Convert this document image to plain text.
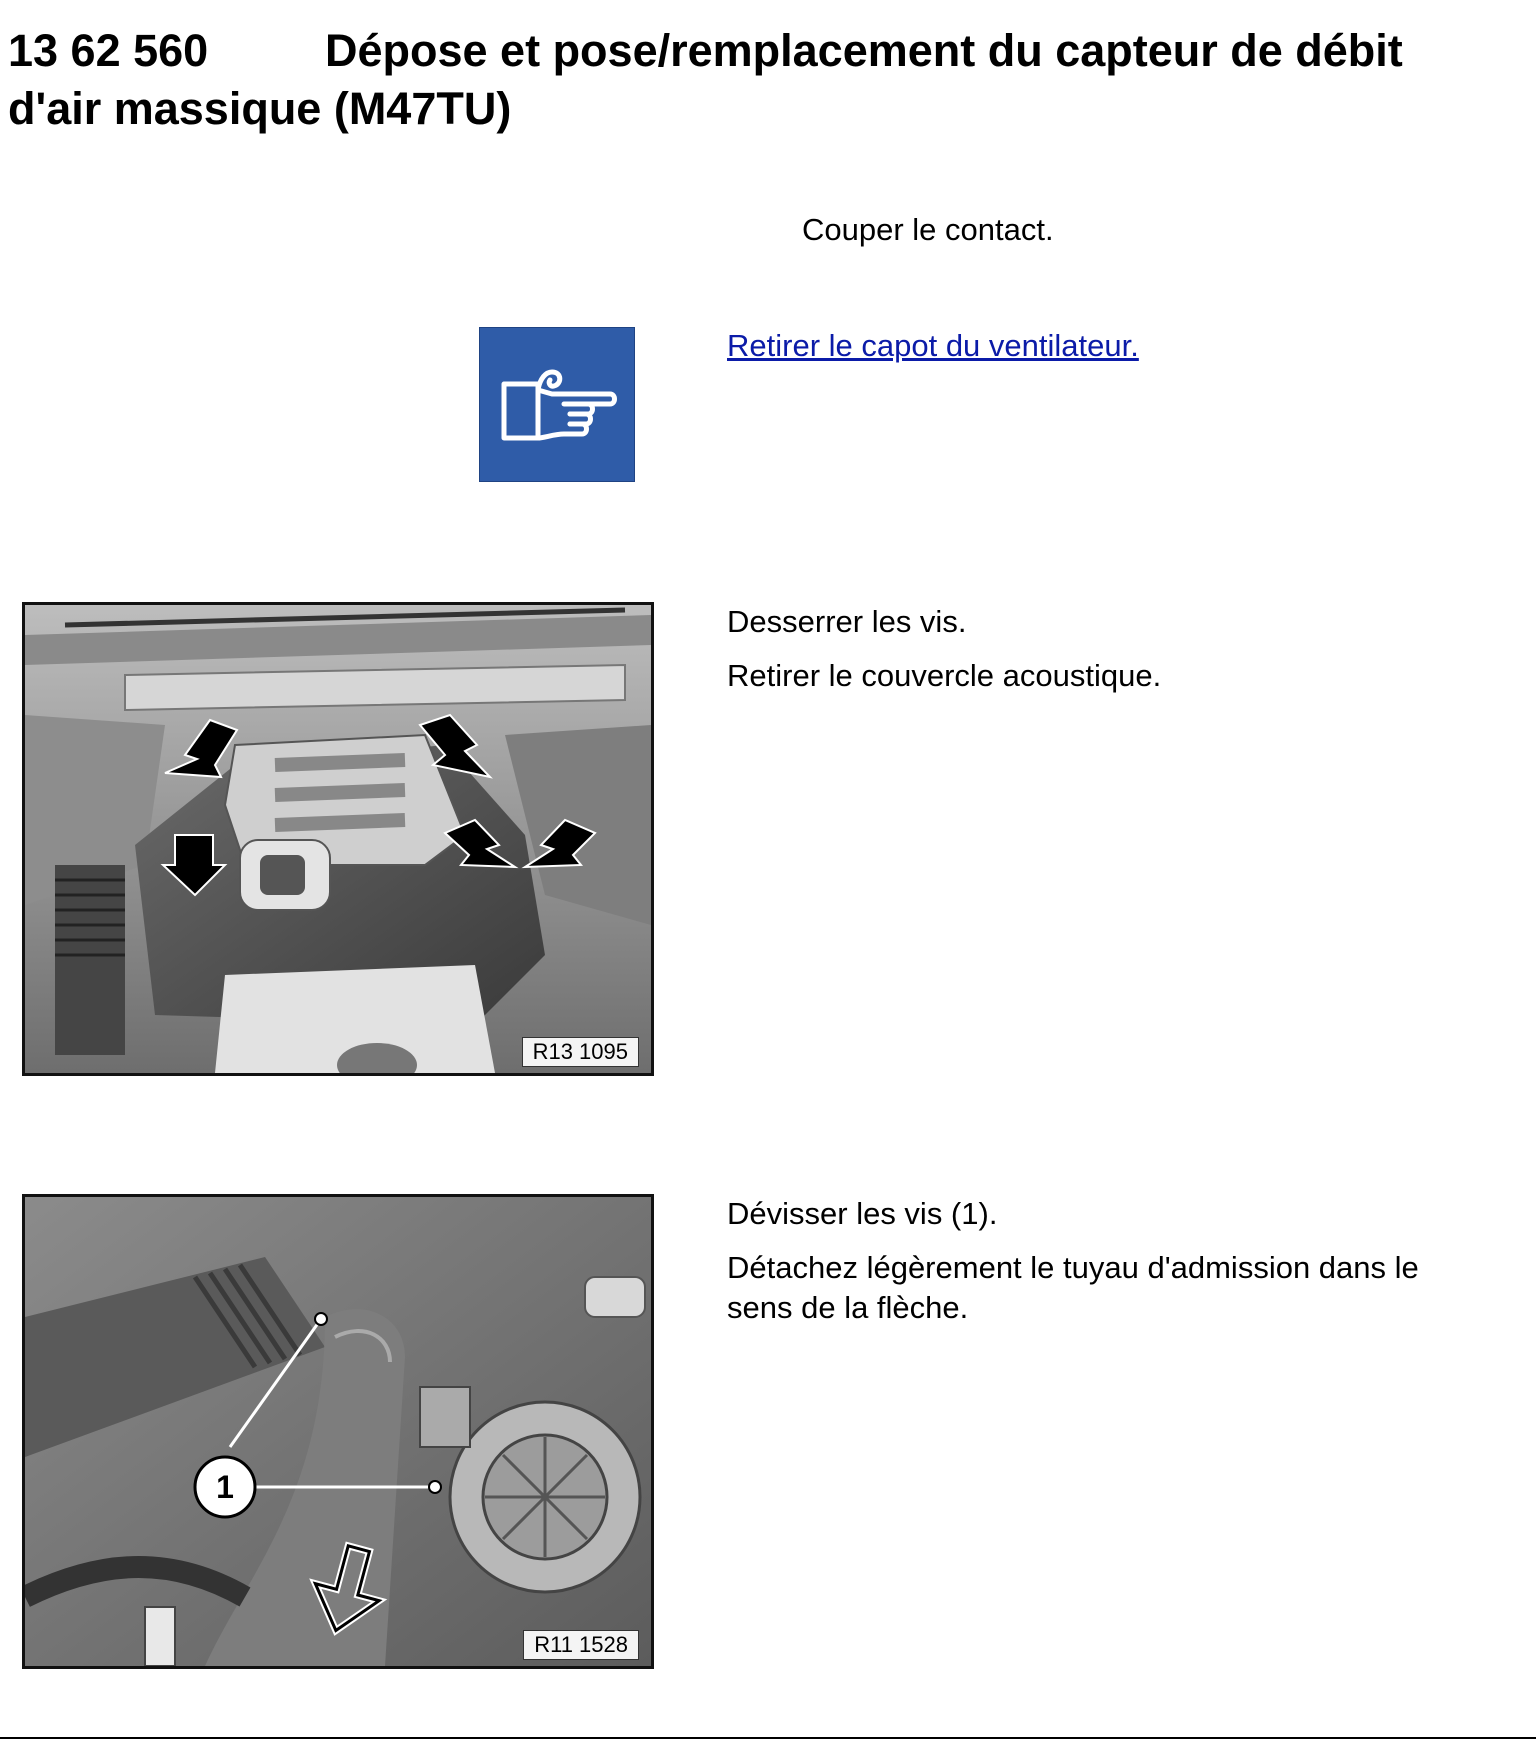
13 62 560	Dépose et pose/remplacement du capteur de débit d'air massique (M47TU)

Couper le contact.

Retirer le capot du ventilateur.

R13 1095

Desserrer les vis.

Retirer le couvercle acoustique.

1
R11 1528

Dévisser les vis (1).

Détachez légèrement le tuyau d'admission dans le sens de la flèche.
